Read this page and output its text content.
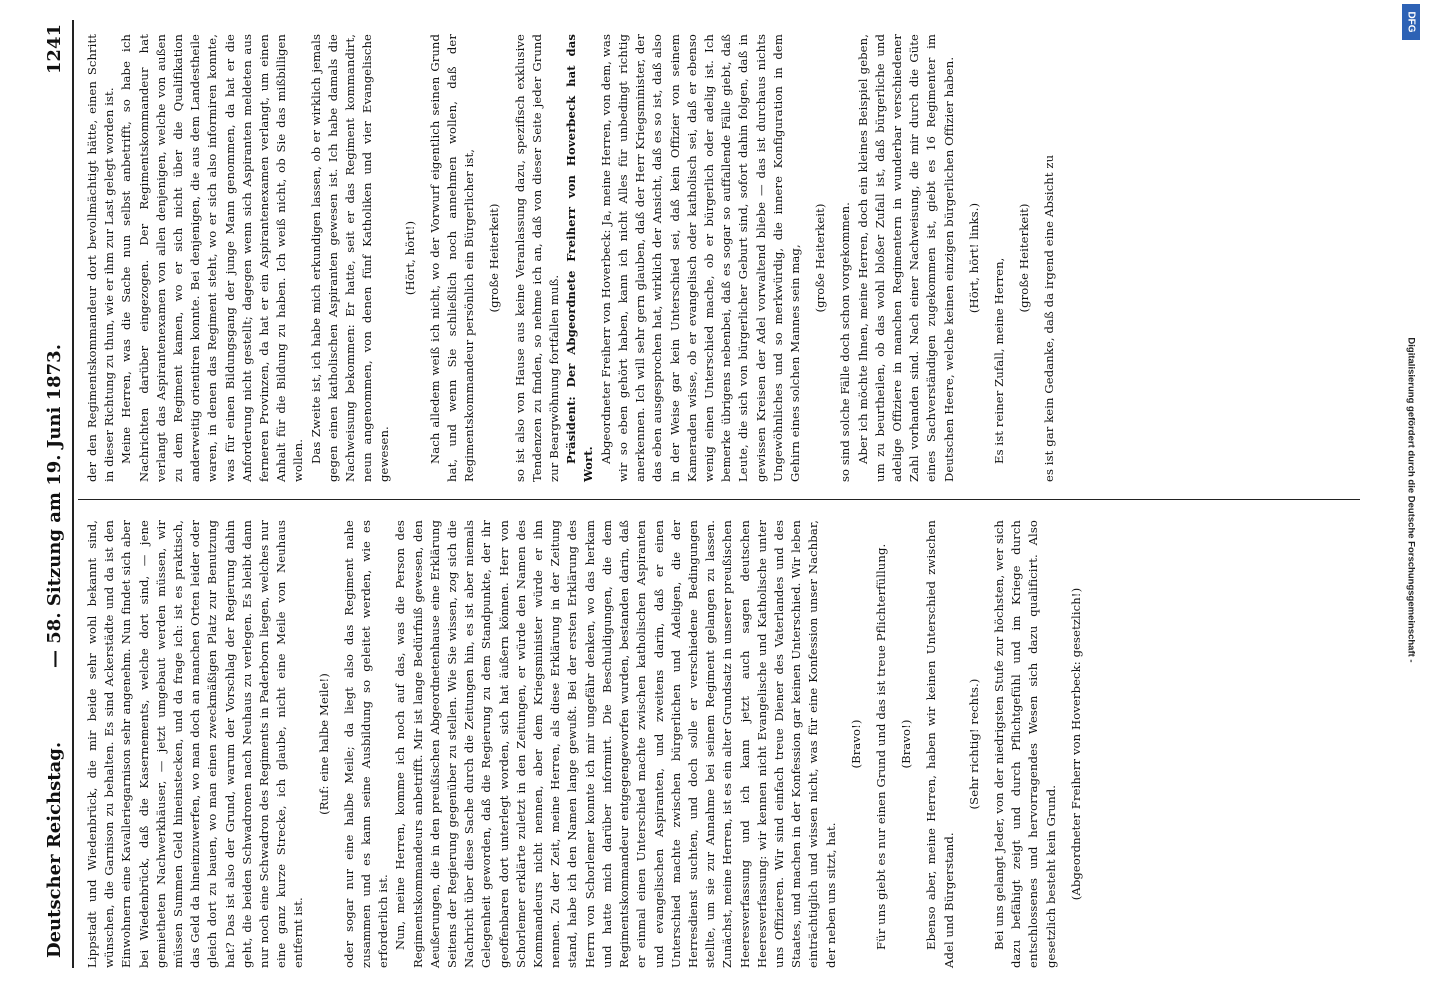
Deutscher Reichstag.
— 58. Sitzung am 19. Juni 1873.
1241

Lippstadt und Wiedenbrück, die mir beide sehr wohl bekannt sind, wünschen, die Garnison zu behalten. Es sind Ackerstädte und da ist den Einwohnern eine Kavalleriegarnison sehr angenehm. Nun findet sich aber bei Wiedenbrück, daß die Kasernements, welche dort sind, — jene gemietheten Nachwerkhäuser, — jetzt umgebaut werden müssen, wir müssen Summen Geld hineinstecken, und da frage ich: ist es praktisch, das Geld da hineinzuwerfen, wo man doch an manchen Orten leider oder gleich dort zu bauen, wo man einen zweckmäßigen Platz zur Benutzung hat? Das ist also der Grund, warum der Vorschlag der Regierung dahin geht, die beiden Schwadronen nach Neuhaus zu verlegen. Es bleibt dann nur noch eine Schwadron des Regiments in Paderborn liegen, welches nur eine ganz kurze Strecke, ich glaube, nicht eine Meile von Neuhaus entfernt ist.

(Ruf: eine halbe Meile!) oder sogar nur eine halbe Meile; da liegt also das Regiment nahe zusammen und es kann seine Ausbildung so geleitet werden, wie es erforderlich ist. Nun, meine Herren, komme ich noch auf das, was die Person des Regimentskommandeurs anbetrifft. Mir ist lange Bedürfniß gewesen, den Aeußerungen, die in den preußischen Abgeordnetenhause eine Erklärung Seitens der Regierung gegenüber zu stellen. Wie Sie wissen, zog sich die Nachricht über diese Sache durch die Zeitungen hin, es ist aber niemals Gelegenheit geworden, daß die Regierung zu dem Standpunkte, der ihr geoffenbaren dort unterlegt worden, sich hat äußern können. Herr von Schorlemer erklärte zuletzt in den Zeitungen, er würde den Namen des Kommandeurs nicht nennen, aber dem Kriegsminister würde er ihn nennen. Zu der Zeit, meine Herren, als diese Erklärung in der Zeitung stand, habe ich den Namen lange gewußt. Bei der ersten Erklärung des Herrn von Schorlemer konnte ich mir ungefähr denken, wo das herkam und hatte mich darüber informirt. Die Beschuldigungen, die dem Regimentskommandeur entgegengeworfen wurden, bestanden darin, daß er einmal einen Unterschied machte zwischen katholischen Aspiranten und evangelischen Aspiranten, und zweitens darin, daß er einen Unterschied machte zwischen bürgerlichen und Adeligen, die der Herresdienst suchten, und doch solle er verschiedene Bedingungen stellte, um sie zur Annahme bei seinem Regiment gelangen zu lassen. Zunächst, meine Herren, ist es ein alter Grundsatz in unserer preußischen Heeresverfassung und ich kann jetzt auch sagen deutschen Heeresverfassung: wir kennen nicht Evangelische und Katholische unter uns Offizieren. Wir sind einfach treue Diener des Vaterlandes und des Staates, und machen in der Konfession gar keinen Unterschied. Wir leben einträchtiglich und wissen nicht, was für eine Konfession unser Nachbar, der neben uns sitzt, hat.

(Bravo!) Für uns giebt es nur einen Grund und das ist treue Pflichterfüllung. (Bravo!) Ebenso aber, meine Herren, haben wir keinen Unterschied zwischen Adel und Bürgerstand.

(Sehr richtig! rechts.) Bei uns gelangt Jeder, von der niedrigsten Stufe zur höchsten, wer sich dazu befähigt zeigt und durch Pflichtgefühl und im Kriege durch entschlossenes und hervorragendes Wesen sich dazu qualificirt. Also gesetzlich besteht kein Grund. (Abgeordneter Freiherr von Hoverbeck: gesetzlich!)

der den Regimentskommandeur dort bevollmächtigt hätte, einen Schritt in dieser Richtung zu thun, wie er ihm zur Last gelegt worden ist. Meine Herren, was die Sache nun selbst anbetrifft, so habe ich Nachrichten darüber eingezogen. Der Regimentskommandeur hat verlangt das Aspirantenexamen von allen denjenigen, welche von außen zu dem Regiment kamen, wo er sich nicht über die Qualifikation anderweitig orientiren konnte. Bei denjenigen, die aus dem Landestheile waren, in denen das Regiment steht, wo er sich also informiren konnte, was für einen Bildungsgang der junge Mann genommen, da hat er die Anforderung nicht gestellt; dagegen wenn sich Aspiranten meldeten aus ferneren Provinzen, da hat er ein Aspirantenexamen verlangt, um einen Anhalt für die Bildung zu haben. Ich weiß nicht, ob Sie das mißbilligen wollen. Das Zweite ist, ich habe mich erkundigen lassen, ob er wirklich jemals gegen einen katholischen Aspiranten gewesen ist. Ich habe damals die Nachweisung bekommen: Er hatte, seit er das Regiment kommandirt, neun angenommen, von denen fünf Katholiken und vier Evangelische gewesen.

(Hört, hört!) Nach alledem weiß ich nicht, wo der Vorwurf eigentlich seinen Grund hat, und wenn Sie schließlich noch annehmen wollen, daß der Regimentskommandeur persönlich ein Bürgerlicher ist, (große Heiterkeit) so ist also von Hause aus keine Veranlassung dazu, spezifisch exklusive Tendenzen zu finden, so nehme ich an, daß von dieser Seite jeder Grund zur Beargwöhnung fortfallen muß. Präsident: Der Abgeordnete Freiherr von Hoverbeck hat das Wort.

Abgeordneter Freiherr von Hoverbeck: Ja, meine Herren, von dem, was wir so eben gehört haben, kann ich nicht Alles für unbedingt richtig anerkennen. Ich will sehr gern glauben, daß der Herr Kriegsminister, der das eben ausgesprochen hat, wirklich der Ansicht, daß es so ist, daß also in der Weise gar kein Unterschied sei, daß kein Offizier von seinem Kameraden wisse, ob er evangelisch oder katholisch sei, daß er ebenso wenig einen Unterschied mache, ob er bürgerlich oder adelig ist. Ich bemerke übrigens nebenbei, daß es sogar so auffallende Fälle giebt, daß Leute, die sich von bürgerlicher Geburt sind, sofort dahin folgen, daß in gewissen Kreisen der Adel vorwaltend bliebe — das ist durchaus nichts Ungewöhnliches und so merkwürdig, die innere Konfiguration in dem Gehirn eines solchen Mannes sein mag, (große Heiterkeit) so sind solche Fälle doch schon vorgekommen. Aber ich möchte Ihnen, meine Herren, doch ein kleines Beispiel geben, um zu beurtheilen, ob das wohl bloßer Zufall ist, daß bürgerliche und adelige Offiziere in manchen Regimentern in wunderbar verschiedener Zahl vorhanden sind. Nach einer Nachweisung, die mir durch die Güte eines Sachverständigen zugekommen ist, giebt es 16 Regimenter im Deutschen Heere, welche keinen einzigen bürgerlichen Offizier haben. (Hört, hört! links.) Es ist reiner Zufall, meine Herren, (große Heiterkeit) es ist gar kein Gedanke, daß da irgend eine Absicht zu

Digitalisierung gefördert durch die Deutsche Forschungsgemeinschaft -
DFG
